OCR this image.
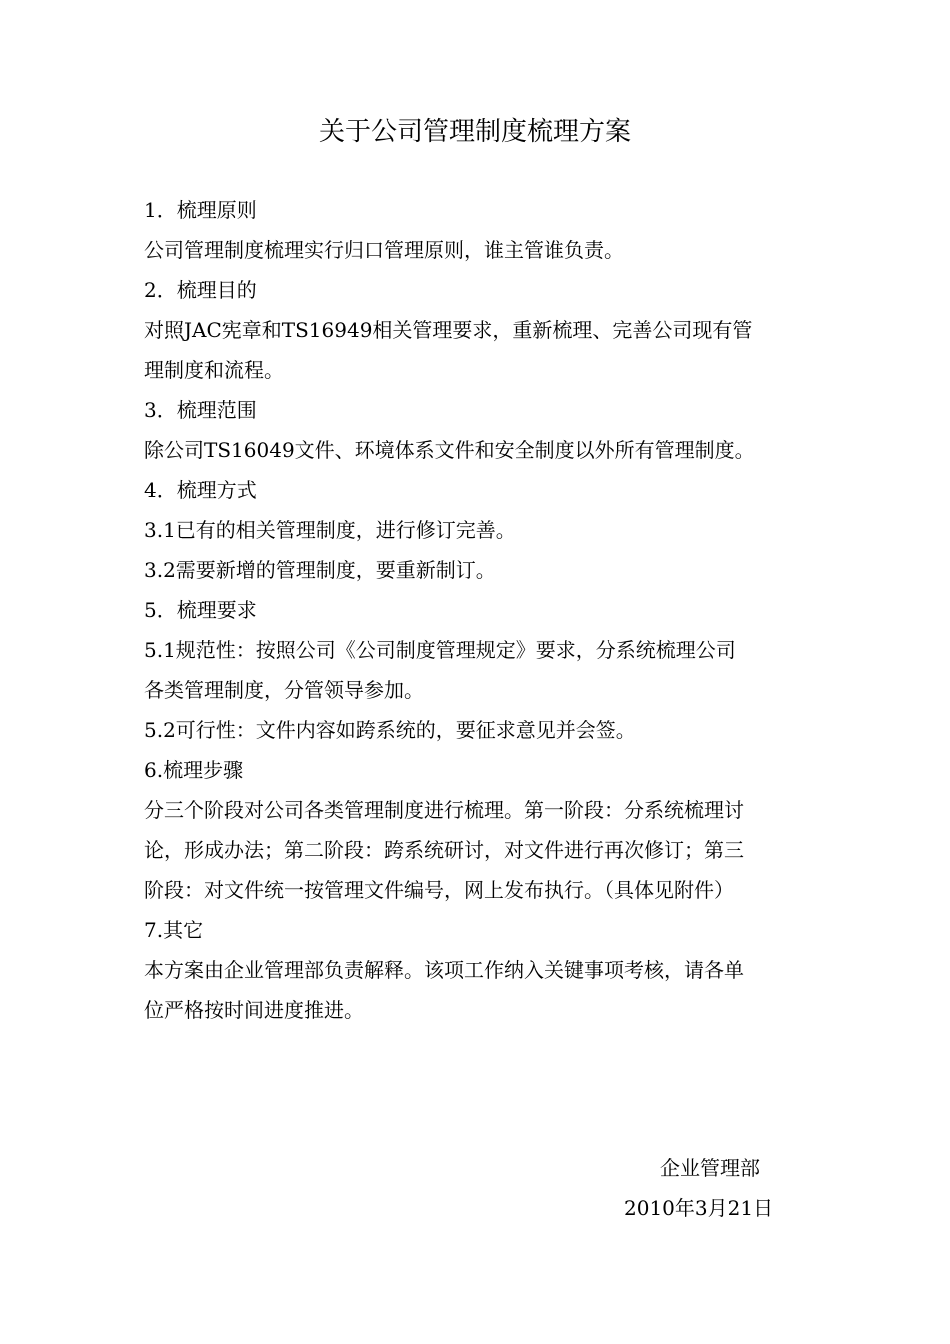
关于公司管理制度梳理方案

1．梳理原则

公司管理制度梳理实行归口管理原则，谁主管谁负责。

2．梳理目的

对照JAC宪章和TS16949相关管理要求，重新梳理、完善公司现有管

理制度和流程。

3．梳理范围

除公司TS16049文件、环境体系文件和安全制度以外所有管理制度。

4．梳理方式

3.1已有的相关管理制度，进行修订完善。

3.2需要新增的管理制度，要重新制订。

5．梳理要求

5.1规范性：按照公司《公司制度管理规定》要求，分系统梳理公司

各类管理制度，分管领导参加。

5.2可行性：文件内容如跨系统的，要征求意见并会签。

6.梳理步骤

分三个阶段对公司各类管理制度进行梳理。第一阶段：分系统梳理讨

论，形成办法；第二阶段：跨系统研讨，对文件进行再次修订；第三

阶段：对文件统一按管理文件编号，网上发布执行。（具体见附件）

7.其它

本方案由企业管理部负责解释。该项工作纳入关键事项考核，请各单

位严格按时间进度推进。

企业管理部
2010年3月21日
